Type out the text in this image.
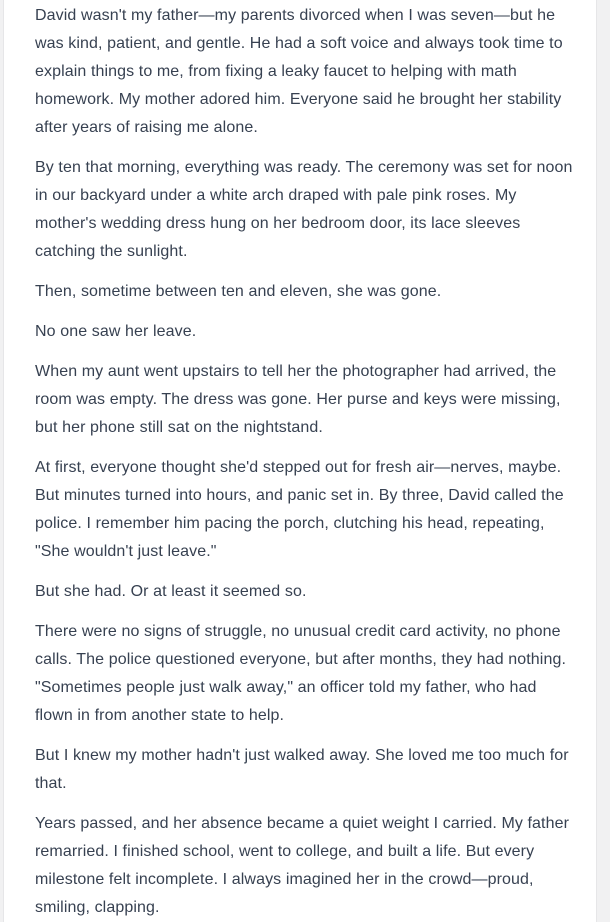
David wasn't my father—my parents divorced when I was seven—but he was kind, patient, and gentle. He had a soft voice and always took time to explain things to me, from fixing a leaky faucet to helping with math homework. My mother adored him. Everyone said he brought her stability after years of raising me alone.

By ten that morning, everything was ready. The ceremony was set for noon in our backyard under a white arch draped with pale pink roses. My mother's wedding dress hung on her bedroom door, its lace sleeves catching the sunlight.

Then, sometime between ten and eleven, she was gone.

No one saw her leave.

When my aunt went upstairs to tell her the photographer had arrived, the room was empty. The dress was gone. Her purse and keys were missing, but her phone still sat on the nightstand.

At first, everyone thought she'd stepped out for fresh air—nerves, maybe. But minutes turned into hours, and panic set in. By three, David called the police. I remember him pacing the porch, clutching his head, repeating, "She wouldn't just leave."

But she had. Or at least it seemed so.

There were no signs of struggle, no unusual credit card activity, no phone calls. The police questioned everyone, but after months, they had nothing. "Sometimes people just walk away," an officer told my father, who had flown in from another state to help.

But I knew my mother hadn't just walked away. She loved me too much for that.

Years passed, and her absence became a quiet weight I carried. My father remarried. I finished school, went to college, and built a life. But every milestone felt incomplete. I always imagined her in the crowd—proud, smiling, clapping.
